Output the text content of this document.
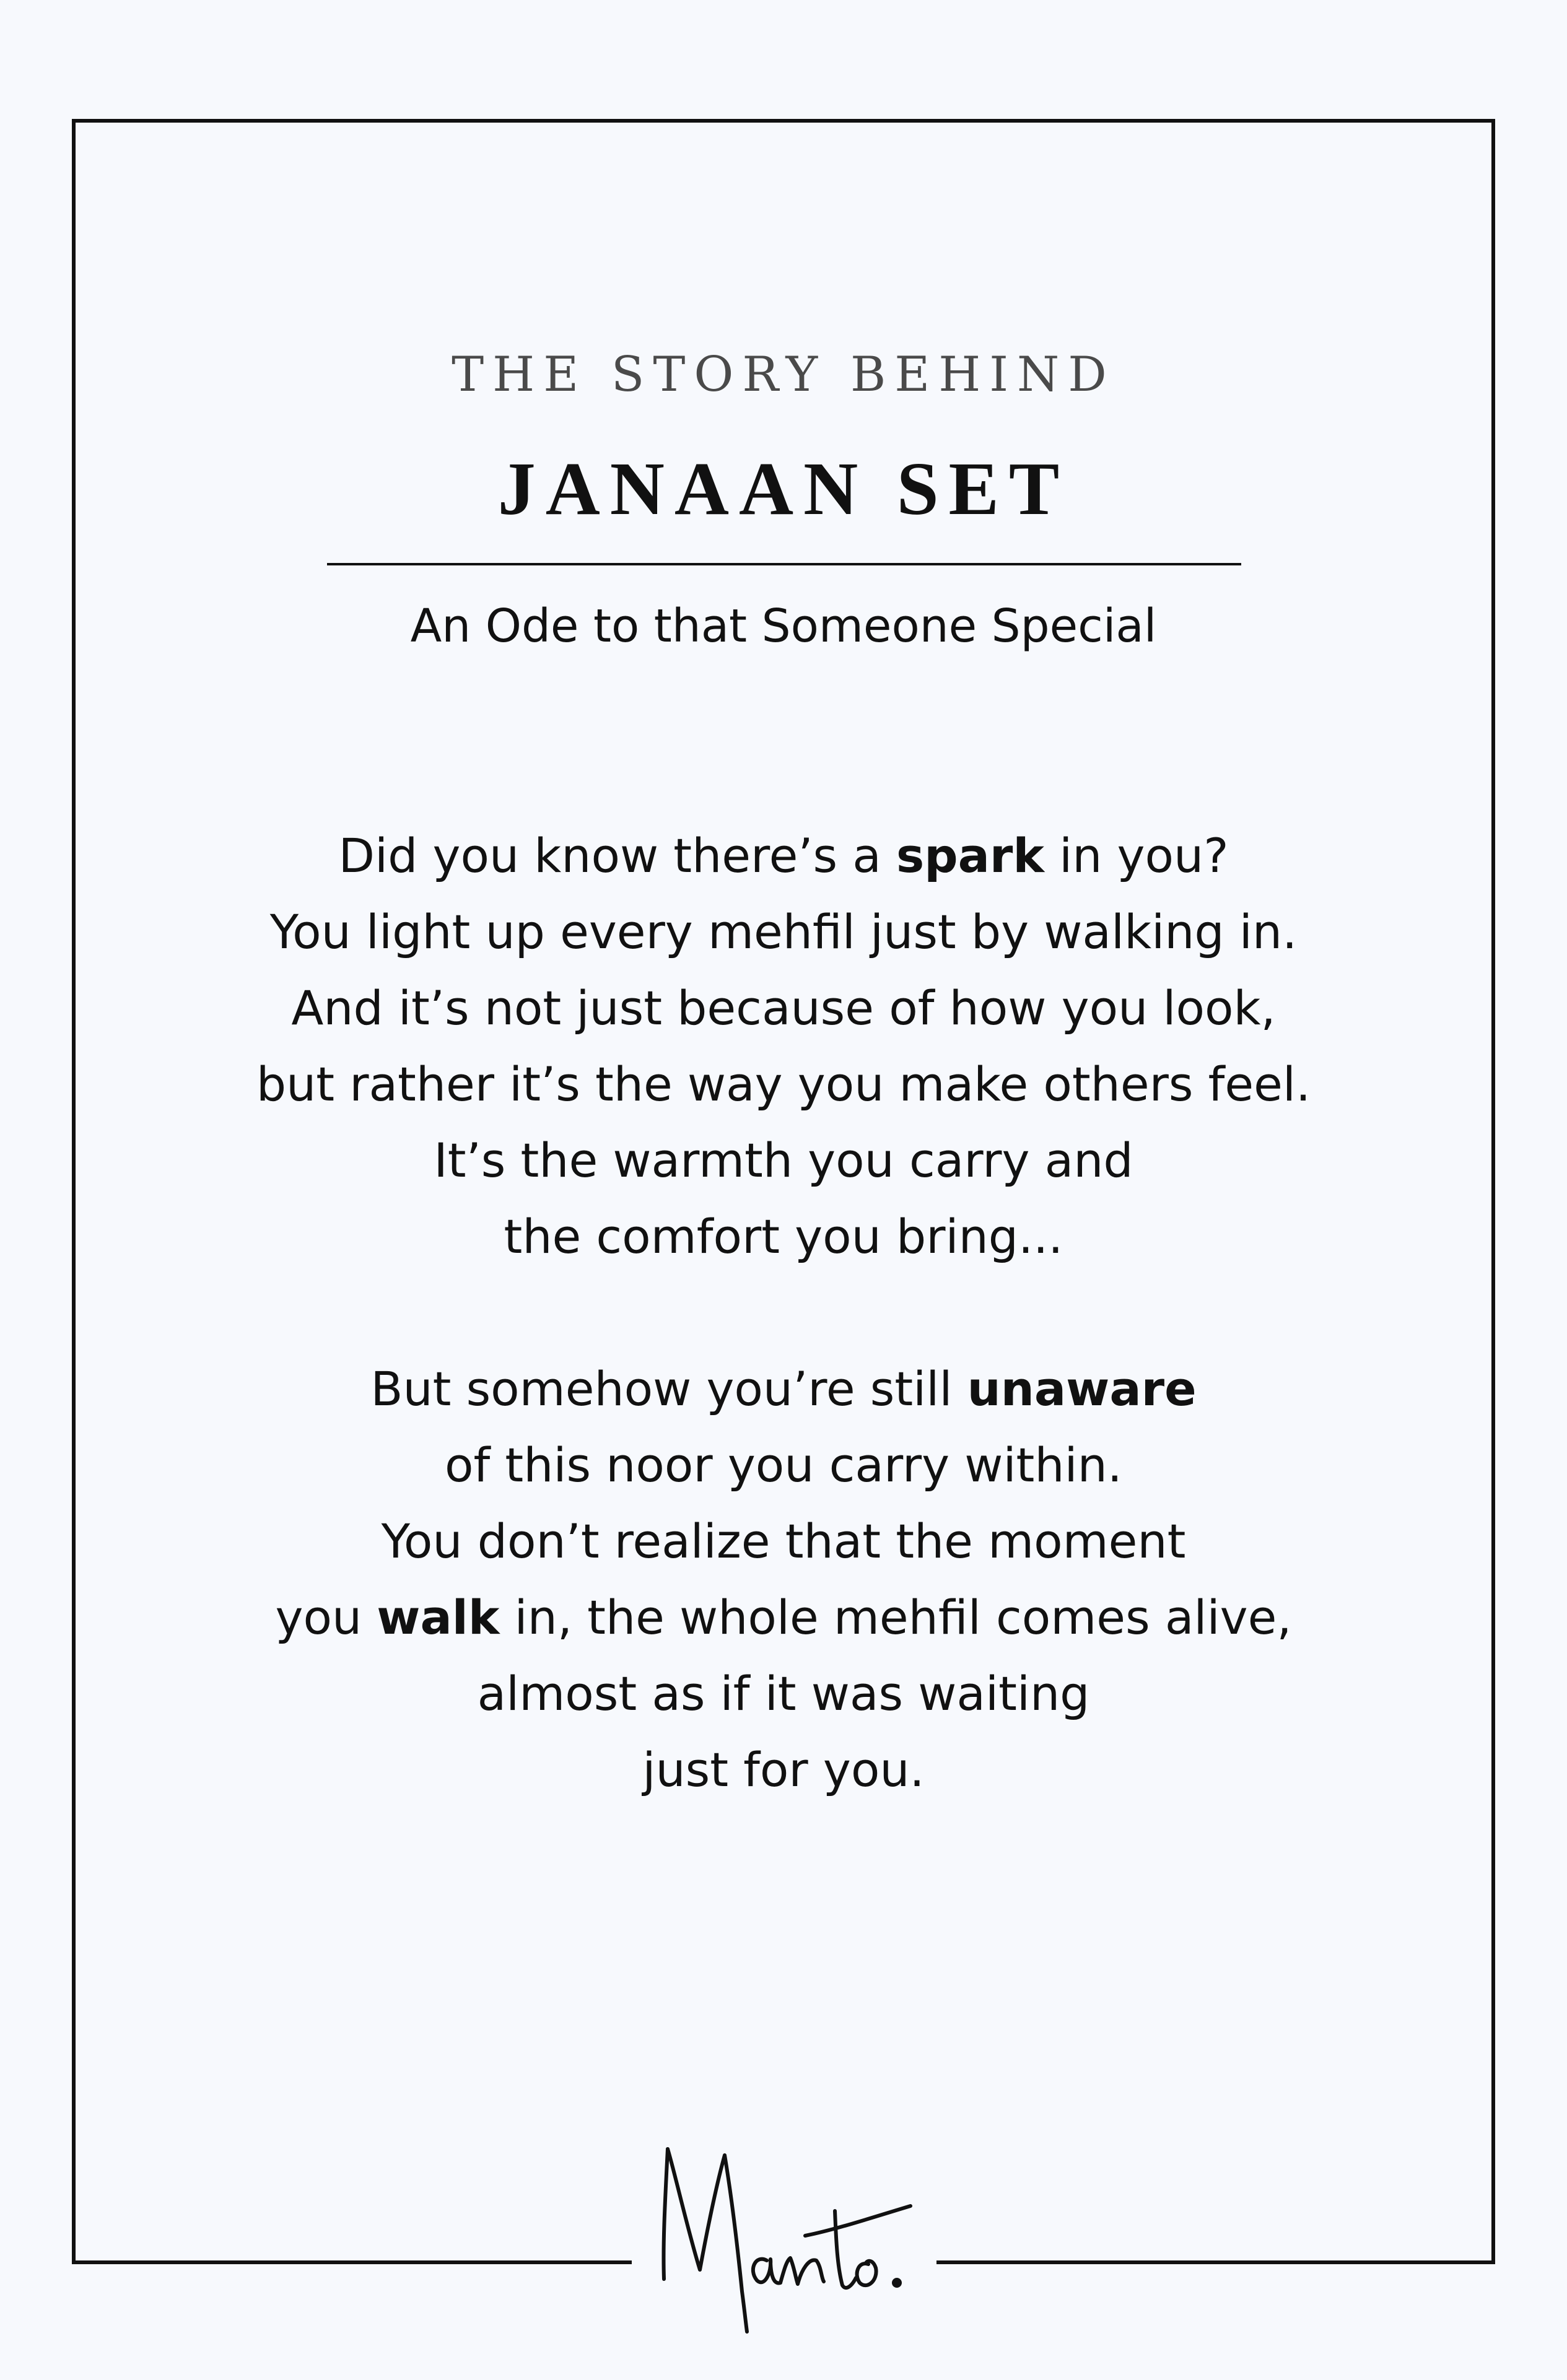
THE STORY BEHIND
JANAAN SET
An Ode to that Someone Special
Did you know there’s a spark in you?
You light up every mehfil just by walking in.
And it’s not just because of how you look,
but rather it’s the way you make others feel.
It’s the warmth you carry and
the comfort you bring...
But somehow you’re still unaware
of this noor you carry within.
You don’t realize that the moment
you walk in, the whole mehfil comes alive,
almost as if it was waiting
just for you.
